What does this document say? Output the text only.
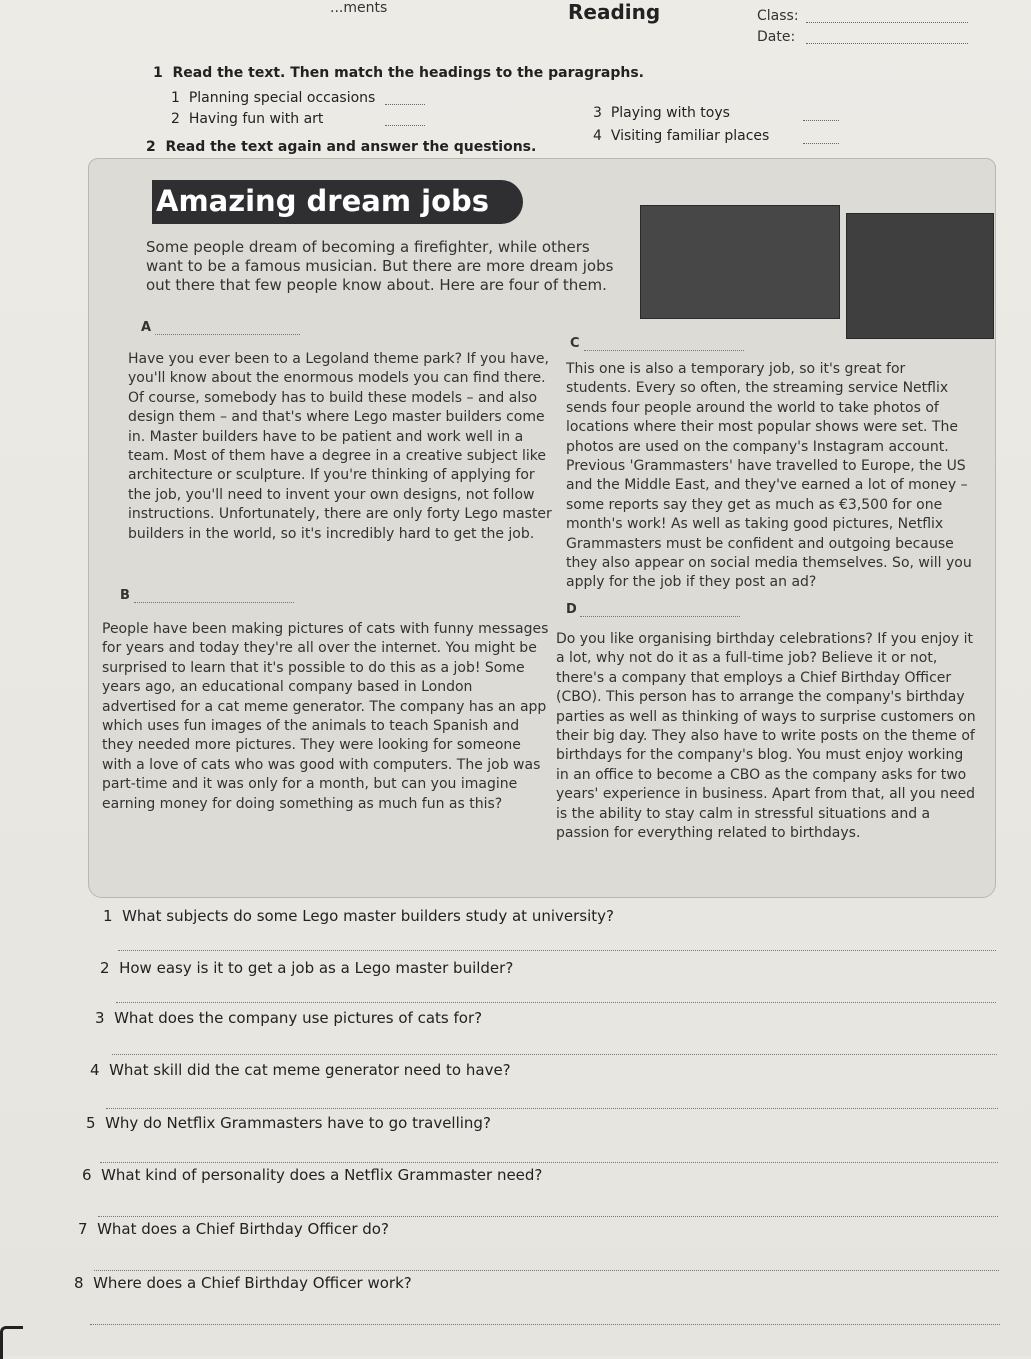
...ments	Reading	Class:
Date:
1 Read the text. Then match the headings to the paragraphs.
1 Planning special occasions
2 Having fun with art	3 Playing with toys
4 Visiting familiar places
2 Read the text again and answer the questions.
Amazing dream jobs
Some people dream of becoming a firefighter, while others want to be a famous musician. But there are more dream jobs out there that few people know about. Here are four of them.
A
Have you ever been to a Legoland theme park? If you have, you'll know about the enormous models you can find there. Of course, somebody has to build these models – and also design them – and that's where Lego master builders come in. Master builders have to be patient and work well in a team. Most of them have a degree in a creative subject like architecture or sculpture. If you're thinking of applying for the job, you'll need to invent your own designs, not follow instructions. Unfortunately, there are only forty Lego master builders in the world, so it's incredibly hard to get the job.
B
People have been making pictures of cats with funny messages for years and today they're all over the internet. You might be surprised to learn that it's possible to do this as a job! Some years ago, an educational company based in London advertised for a cat meme generator. The company has an app which uses fun images of the animals to teach Spanish and they needed more pictures. They were looking for someone with a love of cats who was good with computers. The job was part-time and it was only for a month, but can you imagine earning money for doing something as much fun as this?
C
This one is also a temporary job, so it's great for students. Every so often, the streaming service Netflix sends four people around the world to take photos of locations where their most popular shows were set. The photos are used on the company's Instagram account. Previous 'Grammasters' have travelled to Europe, the US and the Middle East, and they've earned a lot of money – some reports say they get as much as €3,500 for one month's work! As well as taking good pictures, Netflix Grammasters must be confident and outgoing because they also appear on social media themselves. So, will you apply for the job if they post an ad?
D
Do you like organising birthday celebrations? If you enjoy it a lot, why not do it as a full-time job? Believe it or not, there's a company that employs a Chief Birthday Officer (CBO). This person has to arrange the company's birthday parties as well as thinking of ways to surprise customers on their big day. They also have to write posts on the theme of birthdays for the company's blog. You must enjoy working in an office to become a CBO as the company asks for two years' experience in business. Apart from that, all you need is the ability to stay calm in stressful situations and a passion for everything related to birthdays.
1 What subjects do some Lego master builders study at university?
2 How easy is it to get a job as a Lego master builder?
3 What does the company use pictures of cats for?
4 What skill did the cat meme generator need to have?
5 Why do Netflix Grammasters have to go travelling?
6 What kind of personality does a Netflix Grammaster need?
7 What does a Chief Birthday Officer do?
8 Where does a Chief Birthday Officer work?
